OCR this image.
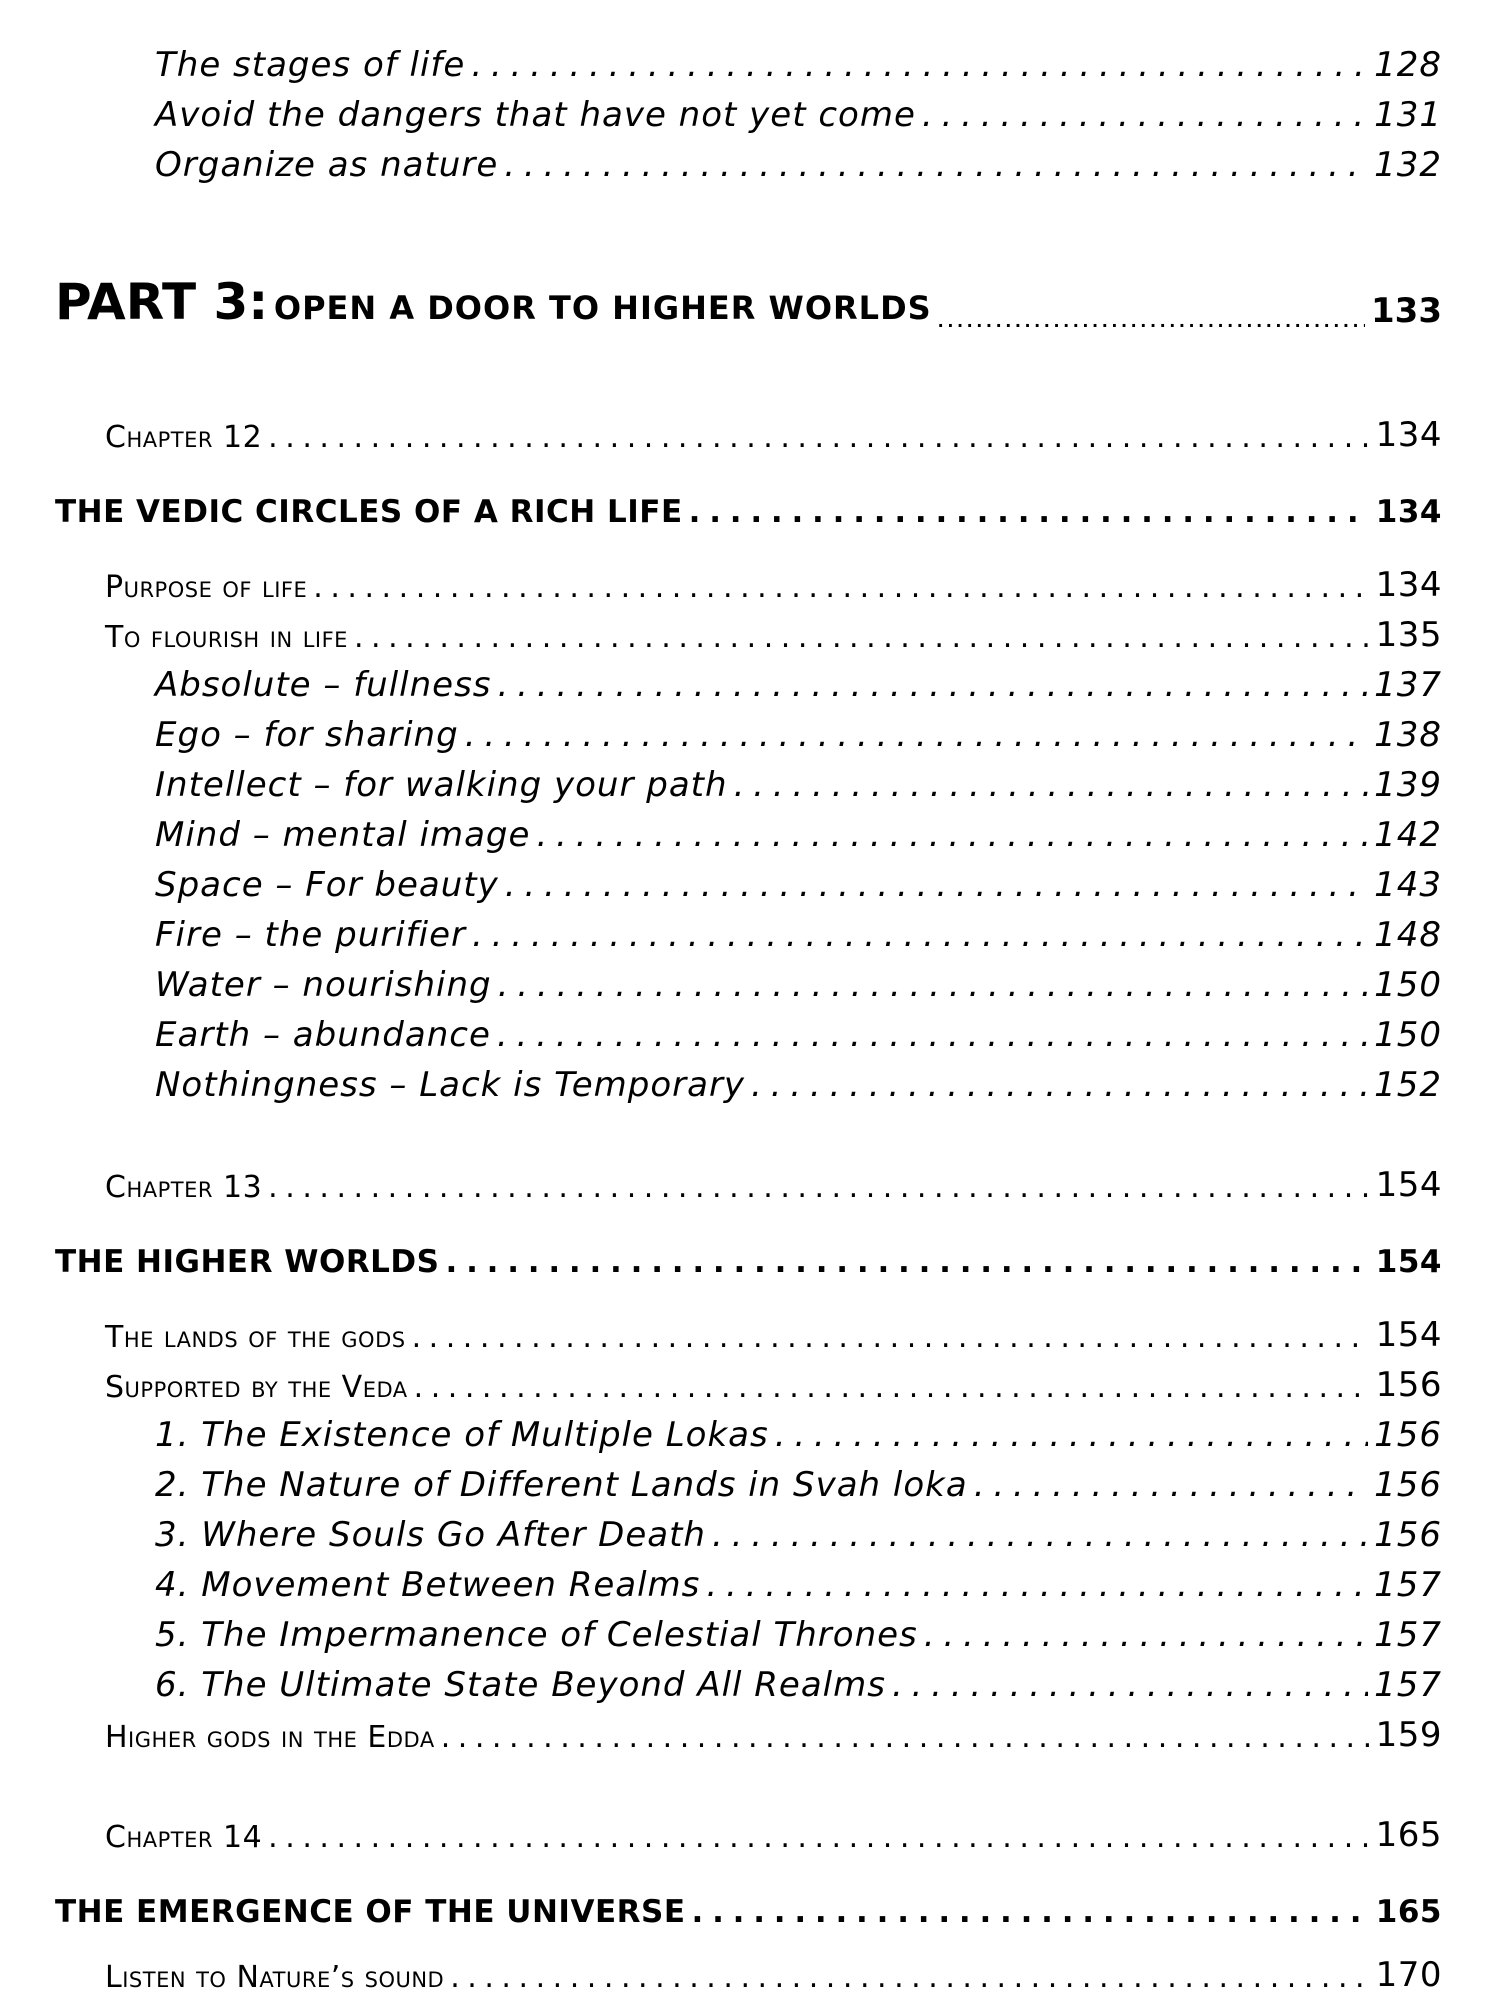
The stages of life . . .	128
Avoid the dangers that have not yet come . . .	131
Organize as nature . . .	132
PART 3: OPEN A DOOR TO HIGHER WORLDS . . .	133
Chapter 12 . . .	134
THE VEDIC CIRCLES OF A RICH LIFE . . .	134
Purpose of life . . .	134
To flourish in life . . .	135
Absolute – fullness . . .	137
Ego – for sharing . . .	138
Intellect – for walking your path . . .	139
Mind – mental image . . .	142
Space – For beauty . . .	143
Fire – the purifier . . .	148
Water – nourishing . . .	150
Earth – abundance . . .	150
Nothingness – Lack is Temporary . . .	152
Chapter 13 . . .	154
THE HIGHER WORLDS . . .	154
The lands of the gods . . .	154
Supported by the Veda . . .	156
1. The Existence of Multiple Lokas . . .	156
2. The Nature of Different Lands in Svah loka . . .	156
3. Where Souls Go After Death . . .	156
4. Movement Between Realms . . .	157
5. The Impermanence of Celestial Thrones . . .	157
6. The Ultimate State Beyond All Realms . . .	157
Higher gods in the Edda . . .	159
Chapter 14 . . .	165
THE EMERGENCE OF THE UNIVERSE . . .	165
Listen to Nature’s sound . . .	170
